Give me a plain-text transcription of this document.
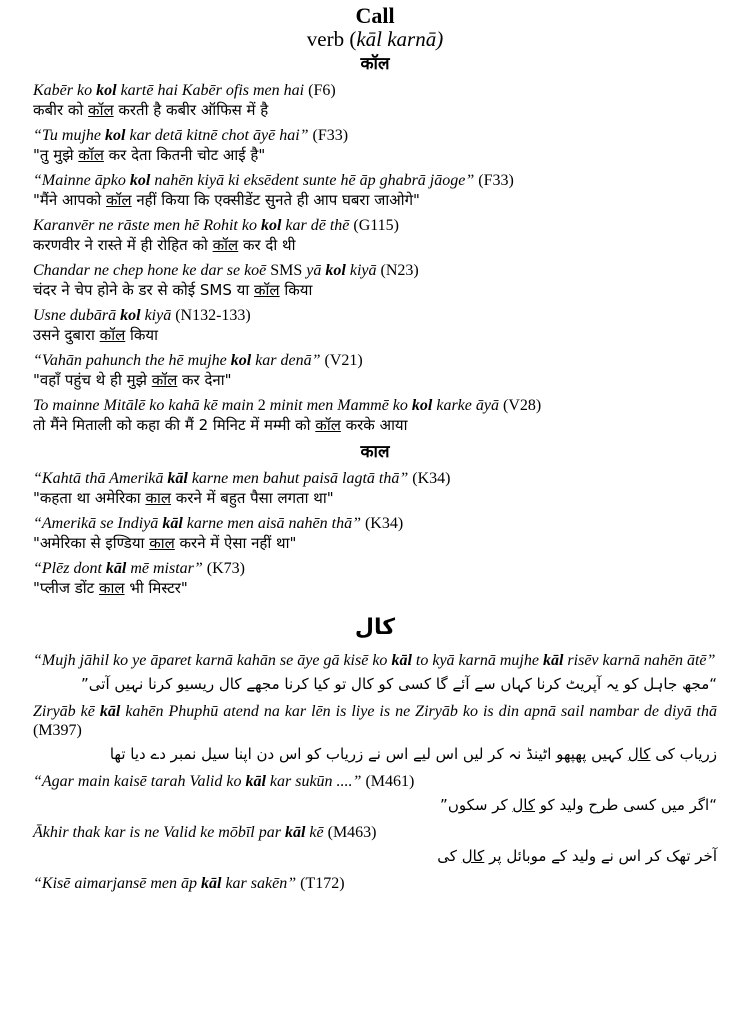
Call

verb (kāl karnā)

कॉल

Kabēr ko kol kartē hai Kabēr ofis men hai (F6)

कबीर को कॉल करती है कबीर ऑफिस में है

“Tu mujhe kol kar detā kitnē chot āyē hai” (F33)

"तु मुझे कॉल कर देता कितनी चोट आई है"

“Mainne āpko kol nahēn kiyā ki eksēdent sunte hē āp ghabrā jāoge” (F33)

"मैंने आपको कॉल नहीं किया कि एक्सीडेंट सुनते ही आप घबरा जाओगे"

Karanvēr ne rāste men hē Rohit ko kol kar dē thē (G115)

करणवीर ने रास्ते में ही रोहित को कॉल कर दी थी

Chandar ne chep hone ke dar se koē SMS yā kol kiyā (N23)

चंदर ने चेप होने के डर से कोई SMS या कॉल किया

Usne dubārā kol kiyā (N132-133)

उसने दुबारा कॉल किया

“Vahān pahunch the hē mujhe kol kar denā” (V21)

"वहाँ पहुंच थे ही मुझे कॉल कर देना"

To mainne Mitālē ko kahā kē main 2 minit men Mammē ko kol karke āyā (V28)

तो मैंने मिताली को कहा की मैं 2 मिनिट में मम्मी को कॉल करके आया

काल

“Kahtā thā Amerikā kāl karne men bahut paisā lagtā thā” (K34)

"कहता था अमेरिका काल करने में बहुत पैसा लगता था"

“Amerikā se Indiyā kāl karne men aisā nahēn thā” (K34)

"अमेरिका से इण्डिया काल करने में ऐसा नहीं था"

“Plēz dont kāl mē mistar” (K73)

"प्लीज डोंट काल भी मिस्टर"

کال

“Mujh jāhil ko ye āparet karnā kahān se āye gā kisē ko kāl to kyā karnā mujhe kāl risēv karnā nahēn ātē”

“مجھ جاہل کو یہ آپریٹ کرنا کہاں سے آئے گا کسی کو کال تو کیا کرنا مجھے کال ریسیو کرنا نہیں آتی”

Ziryāb kē kāl kahēn Phuphū atend na kar lēn is liye is ne Ziryāb ko is din apnā sail nambar de diyā thā (M397)

زریاب کی کال کہیں پھپھو اٹینڈ نہ کر لیں اس لیے اس نے زریاب کو اس دن اپنا سیل نمبر دے دیا تھا

“Agar main kaisē tarah Valid ko kāl kar sukūn ....” (M461)

“اگر میں کسی طرح ولید کو کال کر سکوں”

Ākhir thak kar is ne Valid ke mōbīl par kāl kē (M463)

آخر تھک کر اس نے ولید کے موبائل پر کال کی

“Kisē aimarjansē men āp kāl kar sakēn” (T172)
